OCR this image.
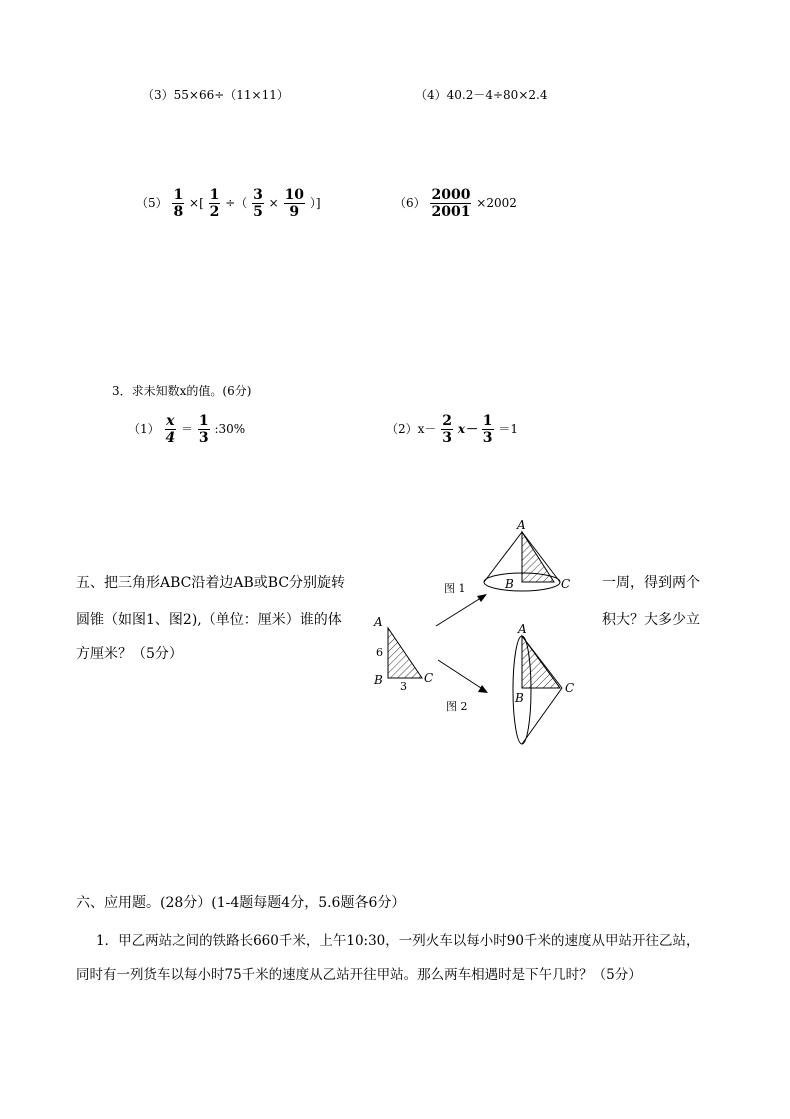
（3）55×66÷（11×11）	（4）40.2－4÷80×2.4
$(5) \frac{1}{8}$ ×[ $\frac{1}{2}$ ÷（ $\frac{3}{5} \times \frac{10}{9}$ ）]	$(6) \frac{2000}{2001} \times 2002$
3．求未知数x的值。(6分)
$(1) \frac{x}{4} = \frac{1}{3}$ :30%	$(2)x- \frac{2}{3} x- \frac{1}{3} =1$
五、把三角形ABC沿着边AB或BC分别旋转
圆锥（如图1、图2),（单位：厘米）谁的体
方厘米？（5分）
一周，得到两个
积大？大多少立
A
6
B 3
C
A
B	C
图 1
A
B
C
图 2
六、应用题。(28分）(1-4题每题4分，5.6题各6分）
1．甲乙两站之间的铁路长660千米，上午10:30，一列火车以每小时90千米的速度从甲站开往乙站，
同时有一列货车以每小时75千米的速度从乙站开往甲站。那么两车相遇时是下午几时？（5分）
